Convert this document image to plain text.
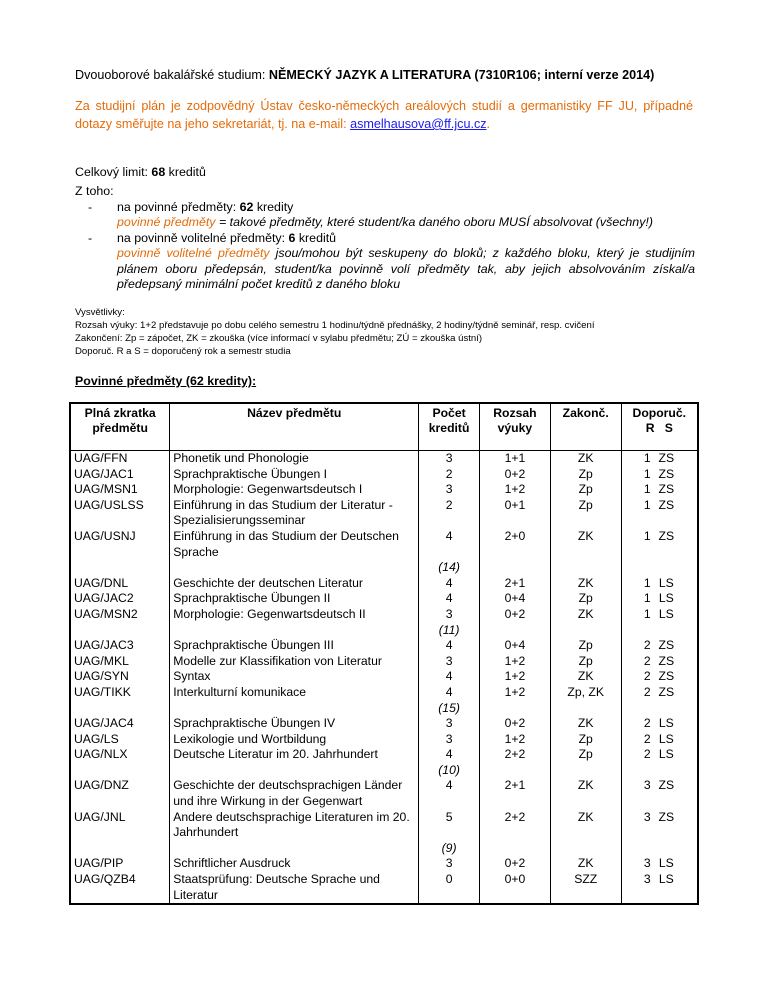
Dvouoborové bakalářské studium: NĚMECKÝ JAZYK A LITERATURA (7310R106; interní verze 2014)
Za studijní plán je zodpovědný Ústav česko-německých areálových studií a germanistiky FF JU, případné dotazy směřujte na jeho sekretariát, tj. na e-mail: asmelhausova@ff.jcu.cz.
Celkový limit: 68 kreditů
Z toho:
- na povinné předměty: 62 kredity
povinné předměty = takové předměty, které student/ka daného oboru MUSÍ absolvovat (všechny!)
- na povinně volitelné předměty: 6 kreditů
povinně volitelné předměty jsou/mohou být seskupeny do bloků; z každého bloku, který je studijním plánem oboru předepsán, student/ka povinně volí předměty tak, aby jejich absolvováním získal/a předepsaný minimální počet kreditů z daného bloku
Vysvětlivky:
Rozsah výuky: 1+2 představuje po dobu celého semestru 1 hodinu/týdně přednášky, 2 hodiny/týdně seminář, resp. cvičení
Zakončení: Zp = zápočet, ZK = zkouška (více informací v sylabu předmětu; ZÚ = zkouška ústní)
Doporuč. R a S = doporučený rok a semestr studia
Povinné předměty (62 kredity):
Plná zkratka předmětu	Název předmětu	Počet kreditů	Rozsah výuky	Zakonč.	Doporuč.
R   S

UAG/FFN	Phonetik und Phonologie	3	1+1	ZK	1 ZS
UAG/JAC1	Sprachpraktische Übungen I	2	0+2	Zp	1 ZS
UAG/MSN1	Morphologie: Gegenwartsdeutsch I	3	1+2	Zp	1 ZS
UAG/USLSS	Einführung in das Studium der Literatur - Spezialisierungsseminar	2	0+1	Zp	1 ZS
UAG/USNJ	Einführung in das Studium der Deutschen Sprache	4	2+0	ZK	1 ZS
		(14)			
UAG/DNL	Geschichte der deutschen Literatur	4	2+1	ZK	1 LS
UAG/JAC2	Sprachpraktische Übungen II	4	0+4	Zp	1 LS
UAG/MSN2	Morphologie: Gegenwartsdeutsch II	3	0+2	ZK	1 LS
		(11)			
UAG/JAC3	Sprachpraktische Übungen III	4	0+4	Zp	2 ZS
UAG/MKL	Modelle zur Klassifikation von Literatur	3	1+2	Zp	2 ZS
UAG/SYN	Syntax	4	1+2	ZK	2 ZS
UAG/TIKK	Interkulturní komunikace	4	1+2	Zp, ZK	2 ZS
		(15)			
UAG/JAC4	Sprachpraktische Übungen IV	3	0+2	ZK	2 LS
UAG/LS	Lexikologie und Wortbildung	3	1+2	Zp	2 LS
UAG/NLX	Deutsche Literatur im 20. Jahrhundert	4	2+2	Zp	2 LS
		(10)			
UAG/DNZ	Geschichte der deutschsprachigen Länder und ihre Wirkung in der Gegenwart	4	2+1	ZK	3 ZS
UAG/JNL	Andere deutschsprachige Literaturen im 20. Jahrhundert	5	2+2	ZK	3 ZS
		(9)			
UAG/PIP	Schriftlicher Ausdruck	3	0+2	ZK	3 LS
UAG/QZB4	Staatsprüfung: Deutsche Sprache und Literatur	0	0+0	SZZ	3 LS
